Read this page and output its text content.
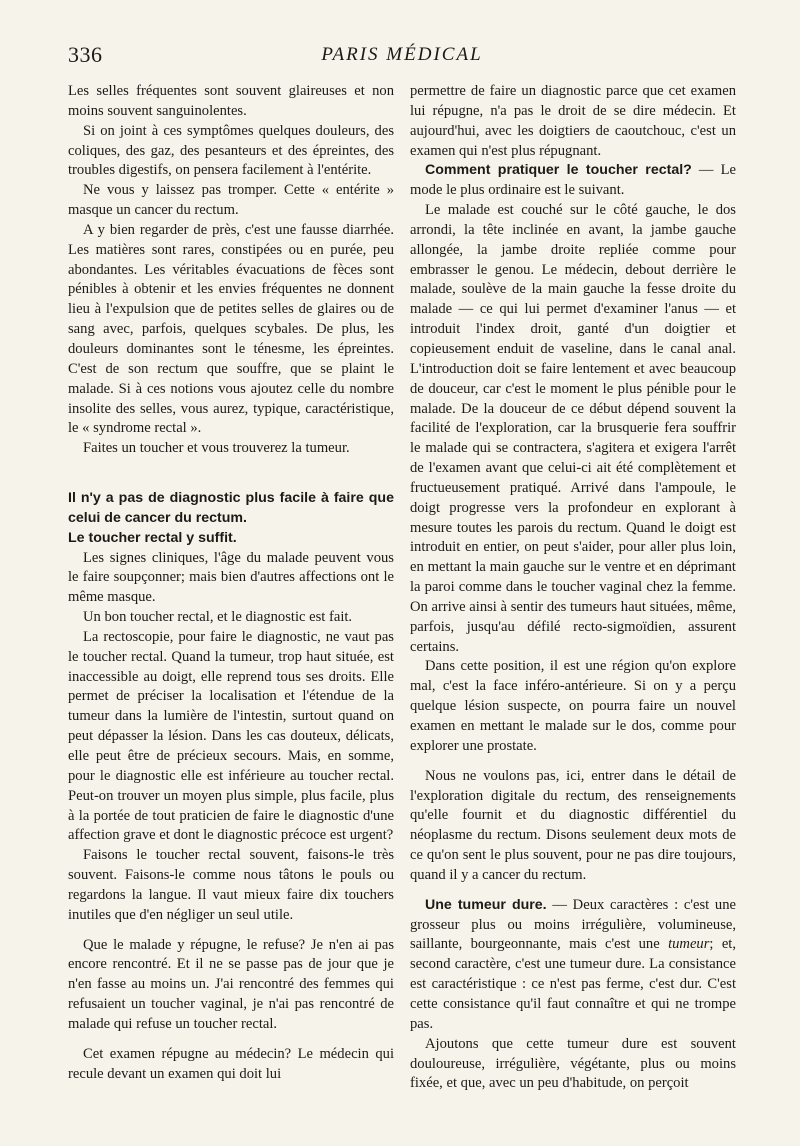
336	PARIS MÉDICAL

Les selles fréquentes sont souvent glaireuses et non moins souvent sanguinolentes.

Si on joint à ces symptômes quelques douleurs, des coliques, des gaz, des pesanteurs et des épreintes, des troubles digestifs, on pensera facilement à l'entérite.

Ne vous y laissez pas tromper. Cette « entérite » masque un cancer du rectum.

A y bien regarder de près, c'est une fausse diarrhée. Les matières sont rares, constipées ou en purée, peu abondantes. Les véritables évacuations de fèces sont pénibles à obtenir et les envies fréquentes ne donnent lieu à l'expulsion que de petites selles de glaires ou de sang avec, parfois, quelques scybales. De plus, les douleurs dominantes sont le ténesme, les épreintes. C'est de son rectum que souffre, que se plaint le malade. Si à ces notions vous ajoutez celle du nombre insolite des selles, vous aurez, typique, caractéristique, le « syndrome rectal ».

Faites un toucher et vous trouverez la tumeur.

Il n'y a pas de diagnostic plus facile à faire que celui de cancer du rectum.

Le toucher rectal y suffit.

Les signes cliniques, l'âge du malade peuvent vous le faire soupçonner; mais bien d'autres affections ont le même masque.

Un bon toucher rectal, et le diagnostic est fait.

La rectoscopie, pour faire le diagnostic, ne vaut pas le toucher rectal. Quand la tumeur, trop haut située, est inaccessible au doigt, elle reprend tous ses droits. Elle permet de préciser la localisation et l'étendue de la tumeur dans la lumière de l'intestin, surtout quand on peut dépasser la lésion. Dans les cas douteux, délicats, elle peut être de précieux secours. Mais, en somme, pour le diagnostic elle est inférieure au toucher rectal. Peut-on trouver un moyen plus simple, plus facile, plus à la portée de tout praticien de faire le diagnostic d'une affection grave et dont le diagnostic précoce est urgent?

Faisons le toucher rectal souvent, faisons-le très souvent. Faisons-le comme nous tâtons le pouls ou regardons la langue. Il vaut mieux faire dix touchers inutiles que d'en négliger un seul utile.

Que le malade y répugne, le refuse? Je n'en ai pas encore rencontré. Et il ne se passe pas de jour que je n'en fasse au moins un. J'ai rencontré des femmes qui refusaient un toucher vaginal, je n'ai pas rencontré de malade qui refuse un toucher rectal.

Cet examen répugne au médecin? Le médecin qui recule devant un examen qui doit lui

permettre de faire un diagnostic parce que cet examen lui répugne, n'a pas le droit de se dire médecin. Et aujourd'hui, avec les doigtiers de caoutchouc, c'est un examen qui n'est plus répugnant.

Comment pratiquer le toucher rectal? — Le mode le plus ordinaire est le suivant.

Le malade est couché sur le côté gauche, le dos arrondi, la tête inclinée en avant, la jambe gauche allongée, la jambe droite repliée comme pour embrasser le genou. Le médecin, debout derrière le malade, soulève de la main gauche la fesse droite du malade — ce qui lui permet d'examiner l'anus — et introduit l'index droit, ganté d'un doigtier et copieusement enduit de vaseline, dans le canal anal. L'introduction doit se faire lentement et avec beaucoup de douceur, car c'est le moment le plus pénible pour le malade. De la douceur de ce début dépend souvent la facilité de l'exploration, car la brusquerie fera souffrir le malade qui se contractera, s'agitera et exigera l'arrêt de l'examen avant que celui-ci ait été complètement et fructueusement pratiqué. Arrivé dans l'ampoule, le doigt progresse vers la profondeur en explorant à mesure toutes les parois du rectum. Quand le doigt est introduit en entier, on peut s'aider, pour aller plus loin, en mettant la main gauche sur le ventre et en déprimant la paroi comme dans le toucher vaginal chez la femme. On arrive ainsi à sentir des tumeurs haut situées, même, parfois, jusqu'au défilé recto-sigmoïdien, assurent certains.

Dans cette position, il est une région qu'on explore mal, c'est la face inféro-antérieure. Si on y a perçu quelque lésion suspecte, on pourra faire un nouvel examen en mettant le malade sur le dos, comme pour explorer une prostate.

Nous ne voulons pas, ici, entrer dans le détail de l'exploration digitale du rectum, des renseignements qu'elle fournit et du diagnostic différentiel du néoplasme du rectum. Disons seulement deux mots de ce qu'on sent le plus souvent, pour ne pas dire toujours, quand il y a cancer du rectum.

Une tumeur dure. — Deux caractères : c'est une grosseur plus ou moins irrégulière, volumineuse, saillante, bourgeonnante, mais c'est une tumeur; et, second caractère, c'est une tumeur dure. La consistance est caractéristique : ce n'est pas ferme, c'est dur. C'est cette consistance qu'il faut connaître et qui ne trompe pas.

Ajoutons que cette tumeur dure est souvent douloureuse, irrégulière, végétante, plus ou moins fixée, et que, avec un peu d'habitude, on perçoit
